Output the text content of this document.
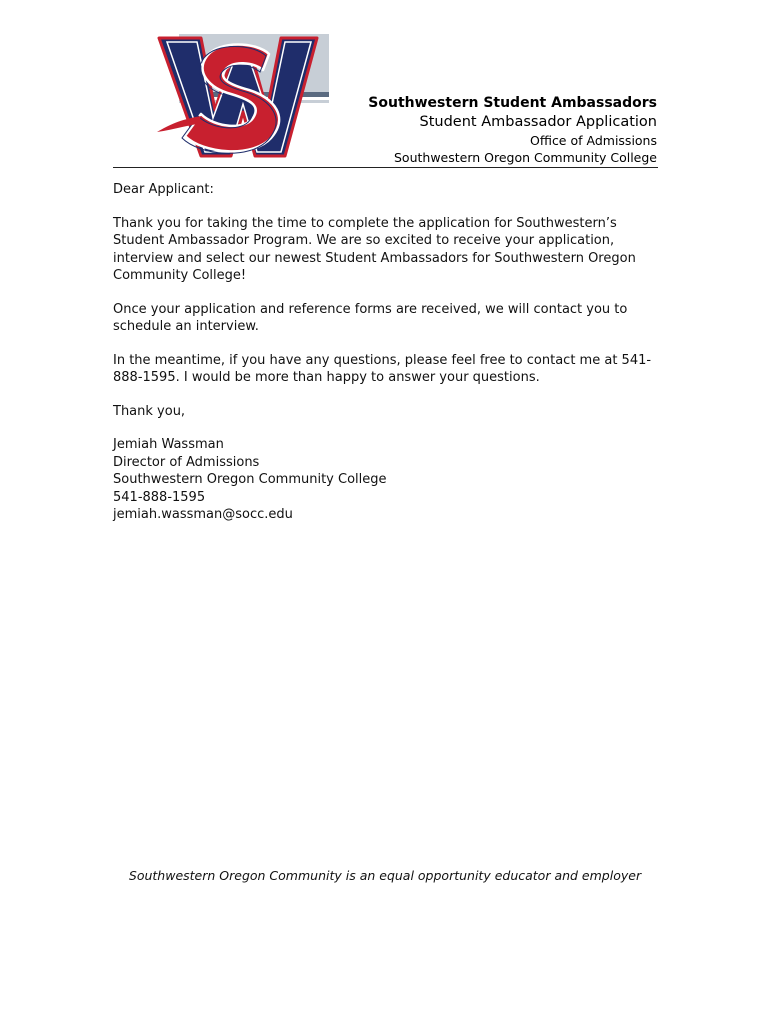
Southwestern Student Ambassadors
Student Ambassador Application
Office of Admissions
Southwestern Oregon Community College

Dear Applicant:

Thank you for taking the time to complete the application for Southwestern’s Student Ambassador Program. We are so excited to receive your application, interview and select our newest Student Ambassadors for Southwestern Oregon Community College!

Once your application and reference forms are received, we will contact you to schedule an interview.

In the meantime, if you have any questions, please feel free to contact me at 541-888-1595. I would be more than happy to answer your questions.

Thank you,

Jemiah Wassman
Director of Admissions
Southwestern Oregon Community College
541-888-1595
jemiah.wassman@socc.edu
Southwestern Oregon Community is an equal opportunity educator and employer
